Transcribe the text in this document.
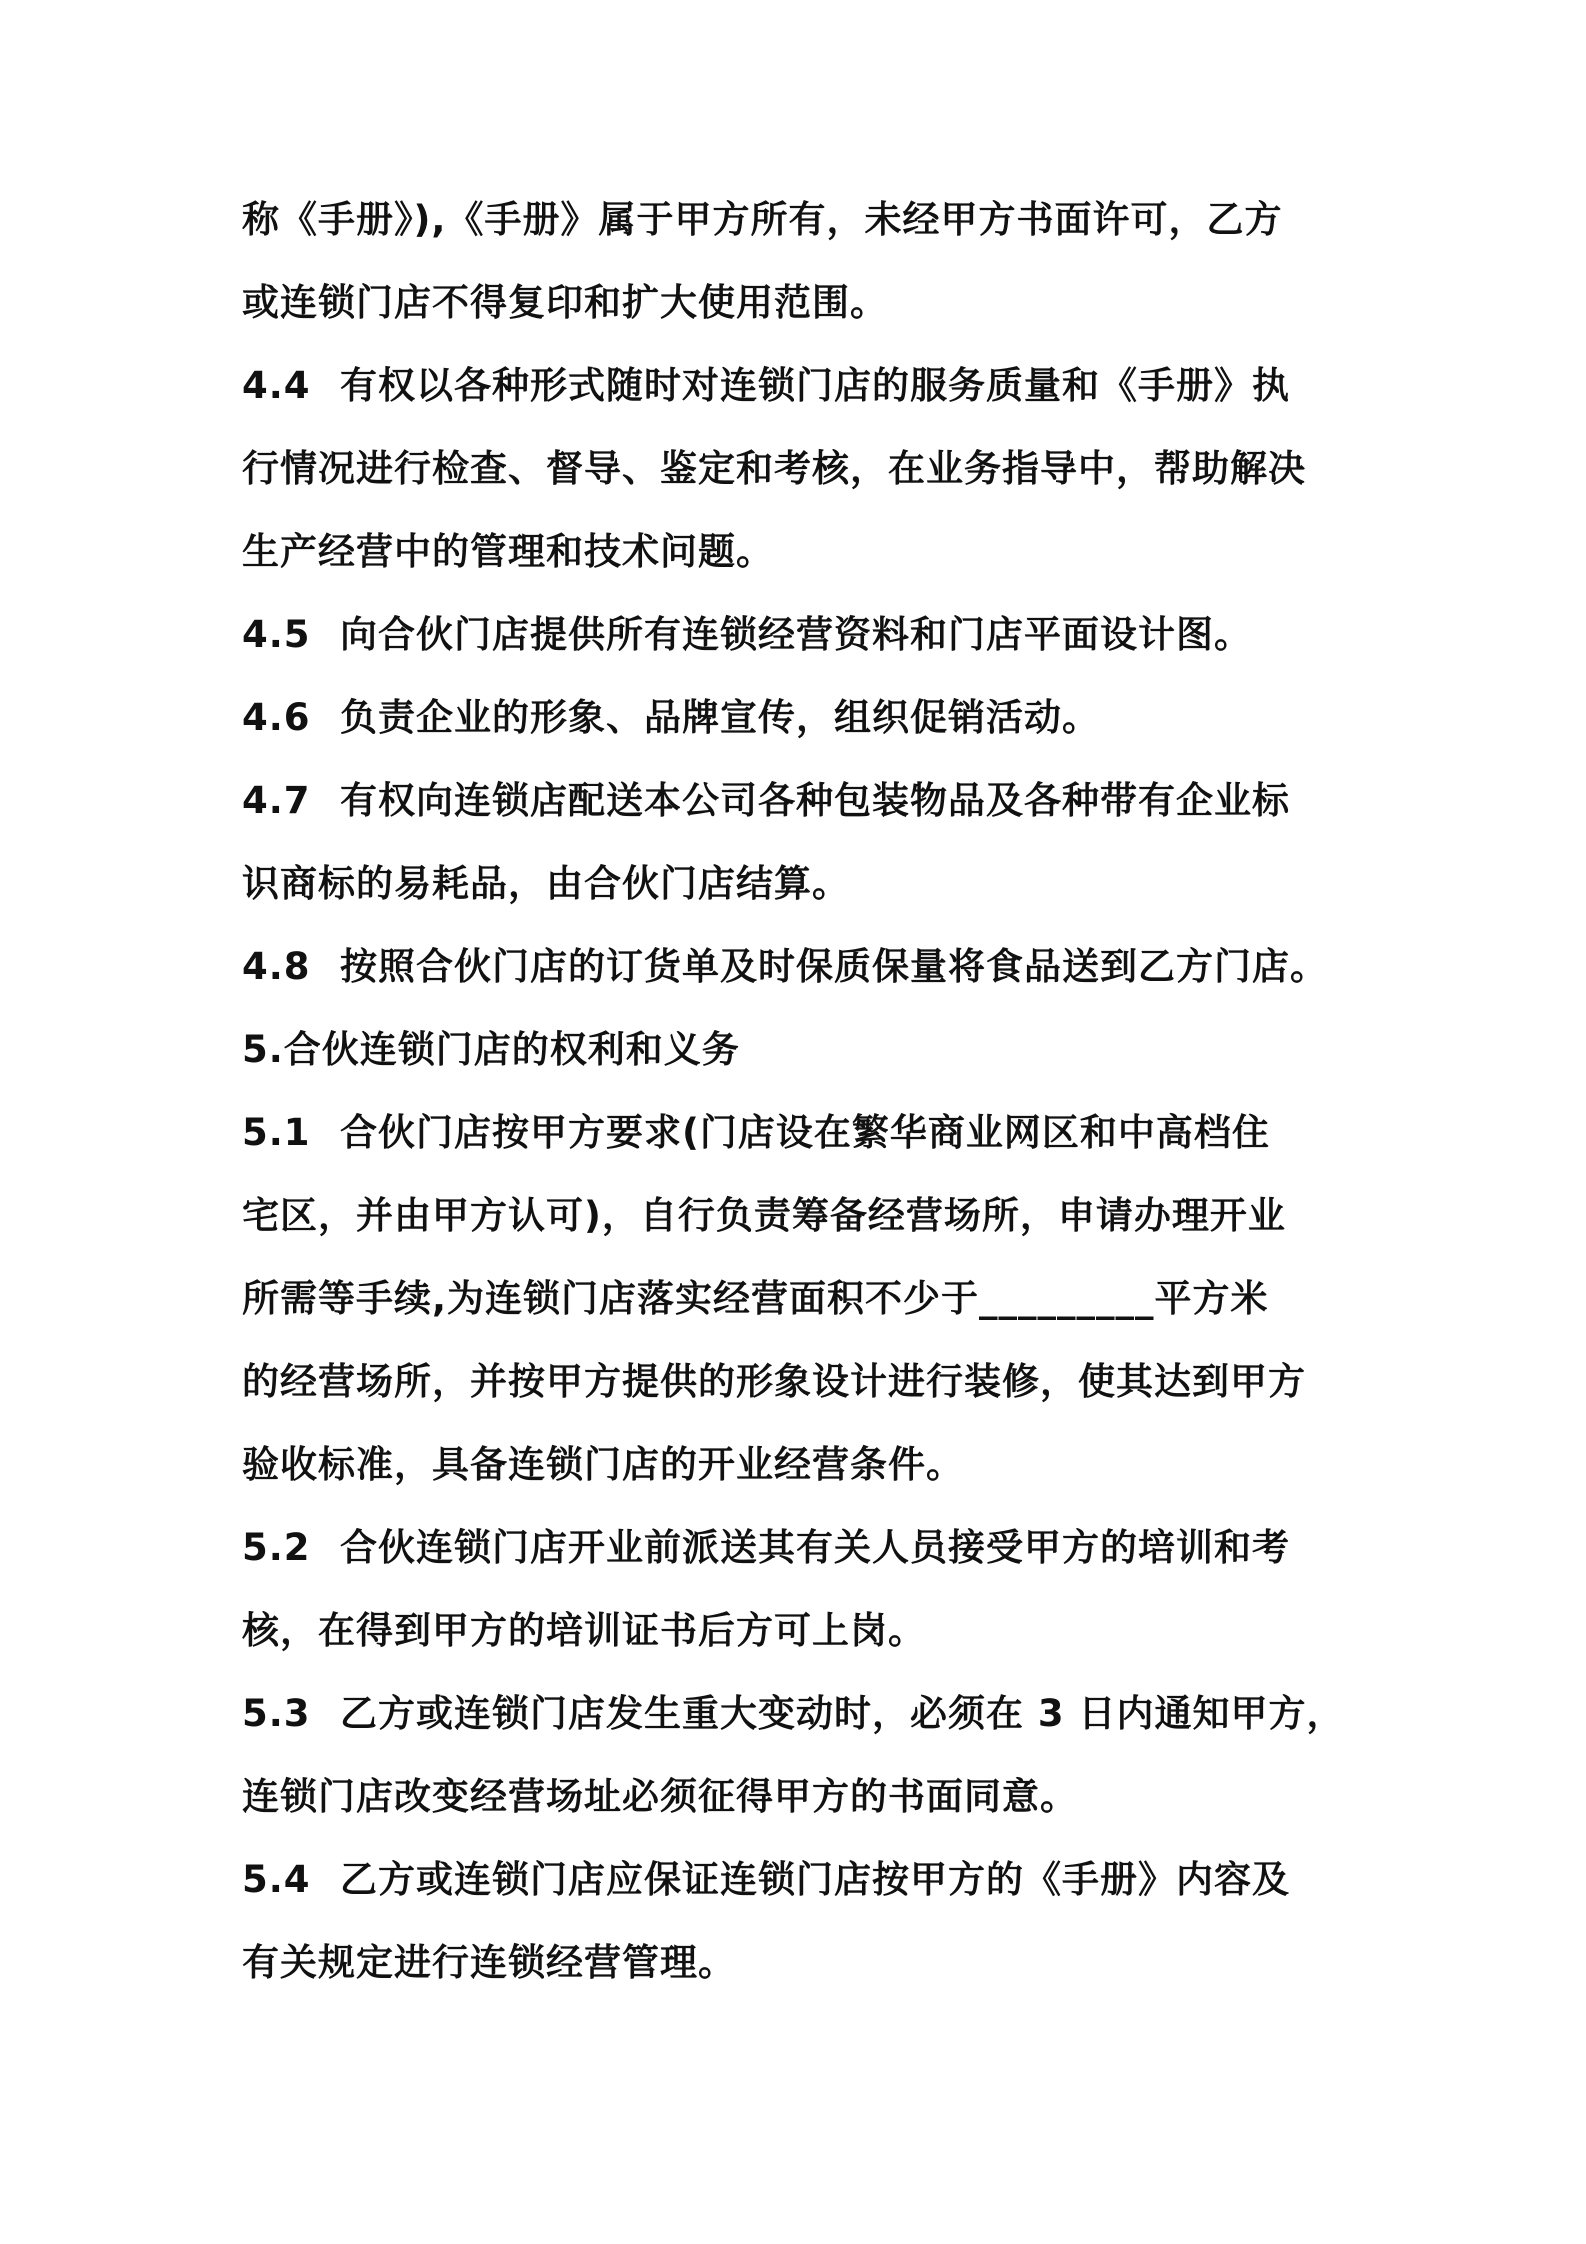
称《手册》),《手册》属于甲方所有，未经甲方书面许可，乙方
或连锁门店不得复印和扩大使用范围。
4.4 有权以各种形式随时对连锁门店的服务质量和《手册》执
行情况进行检查、督导、鉴定和考核，在业务指导中，帮助解决
生产经营中的管理和技术问题。
4.5 向合伙门店提供所有连锁经营资料和门店平面设计图。
4.6 负责企业的形象、品牌宣传，组织促销活动。
4.7 有权向连锁店配送本公司各种包装物品及各种带有企业标
识商标的易耗品，由合伙门店结算。
4.8 按照合伙门店的订货单及时保质保量将食品送到乙方门店。
5.合伙连锁门店的权利和义务
5.1 合伙门店按甲方要求(门店设在繁华商业网区和中高档住
宅区，并由甲方认可)，自行负责筹备经营场所，申请办理开业
所需等手续,为连锁门店落实经营面积不少于_________平方米
的经营场所，并按甲方提供的形象设计进行装修，使其达到甲方
验收标准，具备连锁门店的开业经营条件。
5.2 合伙连锁门店开业前派送其有关人员接受甲方的培训和考
核，在得到甲方的培训证书后方可上岗。
5.3 乙方或连锁门店发生重大变动时，必须在 3 日内通知甲方，
连锁门店改变经营场址必须征得甲方的书面同意。
5.4 乙方或连锁门店应保证连锁门店按甲方的《手册》内容及
有关规定进行连锁经营管理。
